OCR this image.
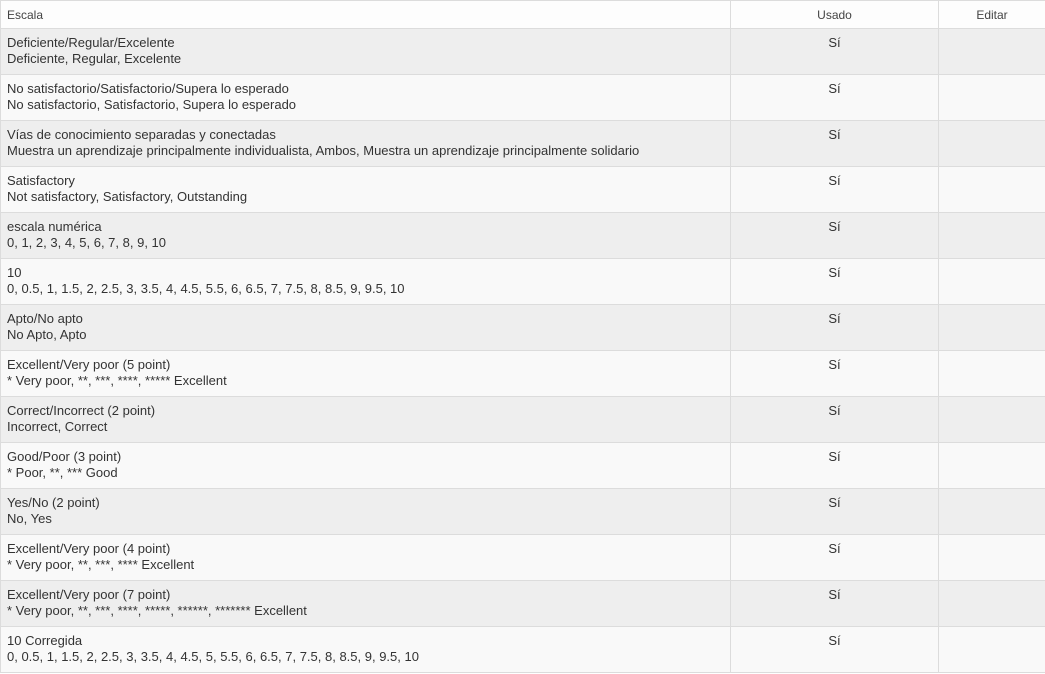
Escala	Usado	Editar

Deficiente/Regular/Excelente
Deficiente, Regular, Excelente	Sí	

No satisfactorio/Satisfactorio/Supera lo esperado
No satisfactorio, Satisfactorio, Supera lo esperado	Sí	

Vías de conocimiento separadas y conectadas
Muestra un aprendizaje principalmente individualista, Ambos, Muestra un aprendizaje principalmente solidario	Sí	

Satisfactory
Not satisfactory, Satisfactory, Outstanding	Sí	

escala numérica
0, 1, 2, 3, 4, 5, 6, 7, 8, 9, 10	Sí	

10
0, 0.5, 1, 1.5, 2, 2.5, 3, 3.5, 4, 4.5, 5.5, 6, 6.5, 7, 7.5, 8, 8.5, 9, 9.5, 10	Sí	

Apto/No apto
No Apto, Apto	Sí	

Excellent/Very poor (5 point)
* Very poor, **, ***, ****, ***** Excellent	Sí	

Correct/Incorrect (2 point)
Incorrect, Correct	Sí	

Good/Poor (3 point)
* Poor, **, *** Good	Sí	

Yes/No (2 point)
No, Yes	Sí	

Excellent/Very poor (4 point)
* Very poor, **, ***, **** Excellent	Sí	

Excellent/Very poor (7 point)
* Very poor, **, ***, ****, *****, ******, ******* Excellent	Sí	

10 Corregida
0, 0.5, 1, 1.5, 2, 2.5, 3, 3.5, 4, 4.5, 5, 5.5, 6, 6.5, 7, 7.5, 8, 8.5, 9, 9.5, 10	Sí	
